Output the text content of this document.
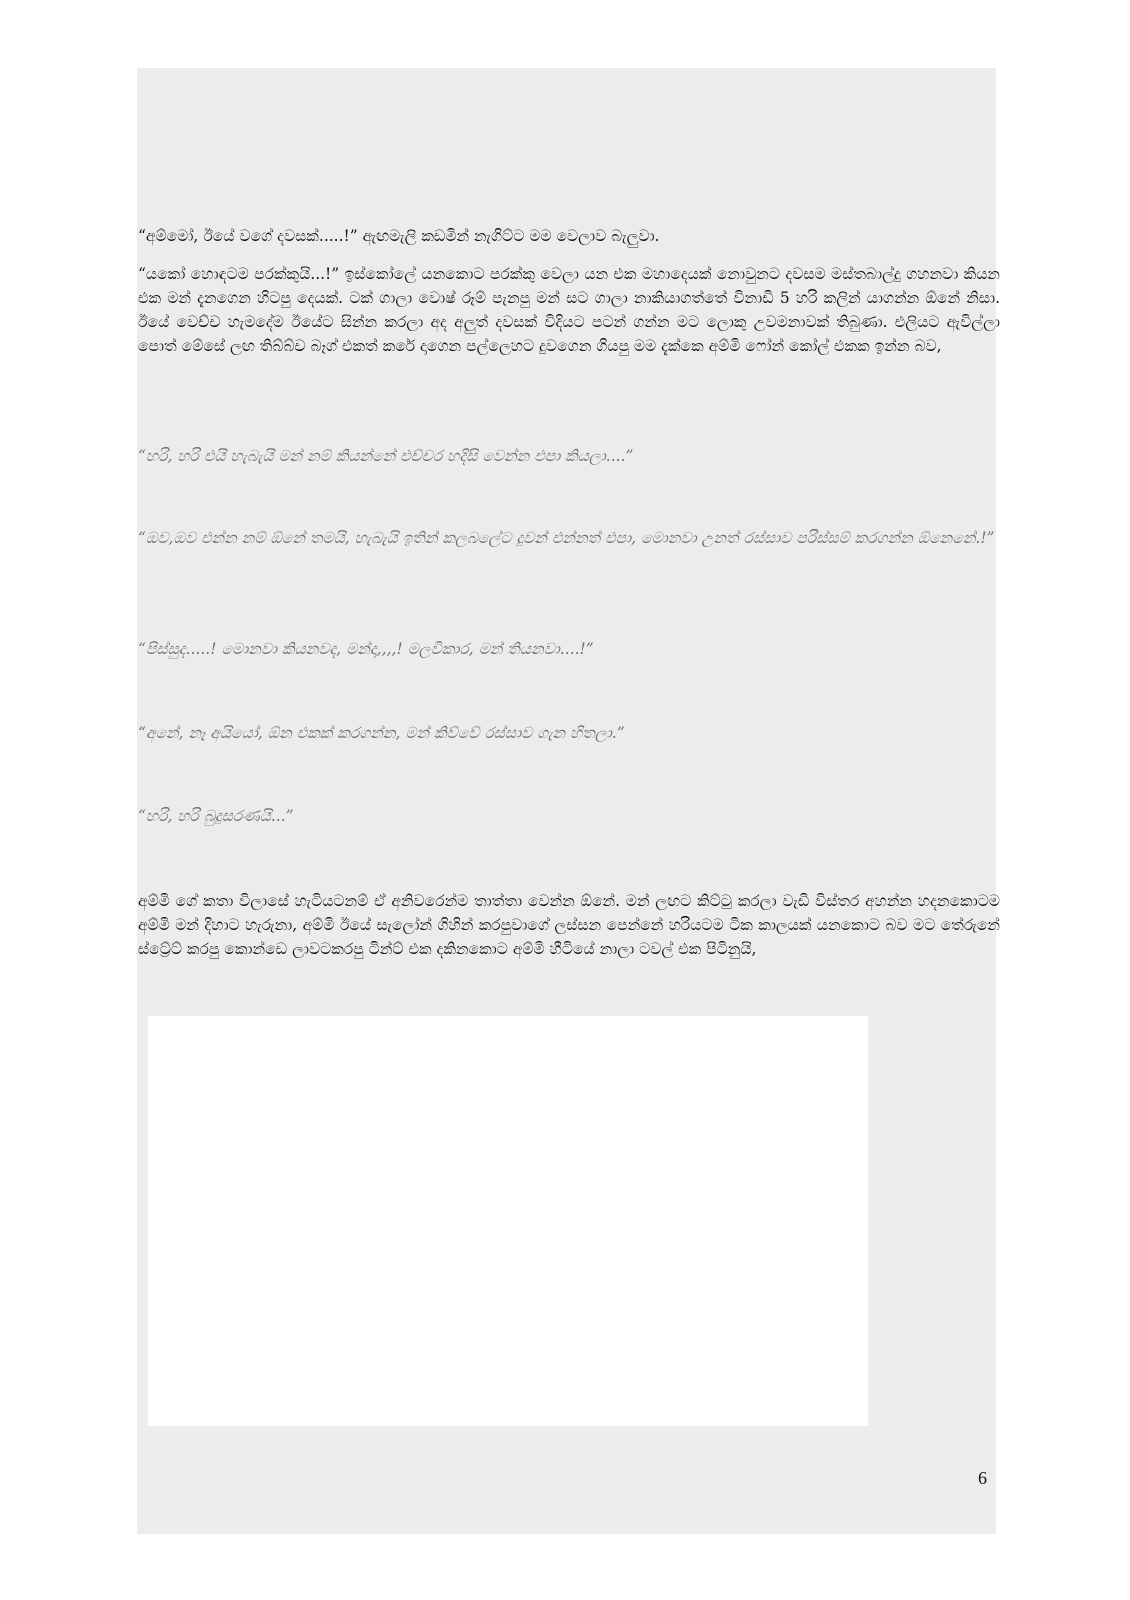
“අම්මෝ, ඊයේ වගේ දවසක්.....!” ඇඟමැලි කඩමින් නැගිට්ට මම වෙලාව බැලුවා.

“යකෝ හොඳටම පරක්කුයි...!” ඉස්කෝලේ යනකොට පරක්කු වෙලා යන එක මහාදෙයක් නොවුනට දවසම මස්තබාල්දු ගහනවා කියන එක මන් දැනගෙන හිටපු දෙයක්. ටක් ගාලා වොෂ් රූම් පැනපු මන් සට ගාලා නාකියාගත්තේ විනාඩි 5 හරි කලින් යාගන්න ඕනේ නිසා. ඊයේ වෙච්ච හැමදේම ඊයේට සින්න කරලා අද අලුත් දවසක් විදියට පටන් ගන්න මට ලොකු උවමනාවක් තිබුණා. එලියට ඇවිල්ලා පොත් මේසේ ලඟ තිබ්බ්ච බෑග් එකත් කරේ දාගෙන පල්ලෙහට දුවගෙන ගියපු මම දැක්කෙ අම්මි ෆෝන් කෝල් එකක ඉන්න බව,

“හරි, හරි එයි හැබැයි මන් නම් කියන්නේ එච්චර හදිසි වෙන්න එපා කියලා....”

“ඔව,ඔව එන්න නම් ඕනේ තමයි, හැබැයි ඉතින් කලබලේට දුවන් එන්නත් එපා, මොනවා උනත් රස්සාව පරිස්සම් කරගන්න ඕනෙනේ.!”

“පිස්සුද.....! මොනවා කියනවද, මන්දා,,,,! මලවිකාර, මන් තියනවා....!”

“අනේ, නෑ අයියෝ, ඕන එකක් කරගන්න, මන් කිව්වේ රස්සාව ගැන හිතලා.”

“හරි, හරි බුදුසරණයි...”

අම්මි ගේ කතා විලාසේ හැටියටනම් ඒ අනිවරෙන්ම තාත්තා වෙන්න ඕනේ. මන් ලඟට කිට්ටු කරලා වැඩි විස්තර අහන්න හදනකොටම අම්මි මන් දිහාට හැරුනා, අම්මි ඊයේ සැලෝන් ගිහින් කරපුවාගේ ලස්සන පෙන්නේ හරියටම ටික කාලයක් යනකොට බව මට තේරුනේ ස්ට්‍රේට් කරපු කොන්ඩෙ ලාවටකරපු ටින්ට් එක දකිනකොට අම්මි හීටියේ නාලා ටවල් එක පිටිනුයි,

6
